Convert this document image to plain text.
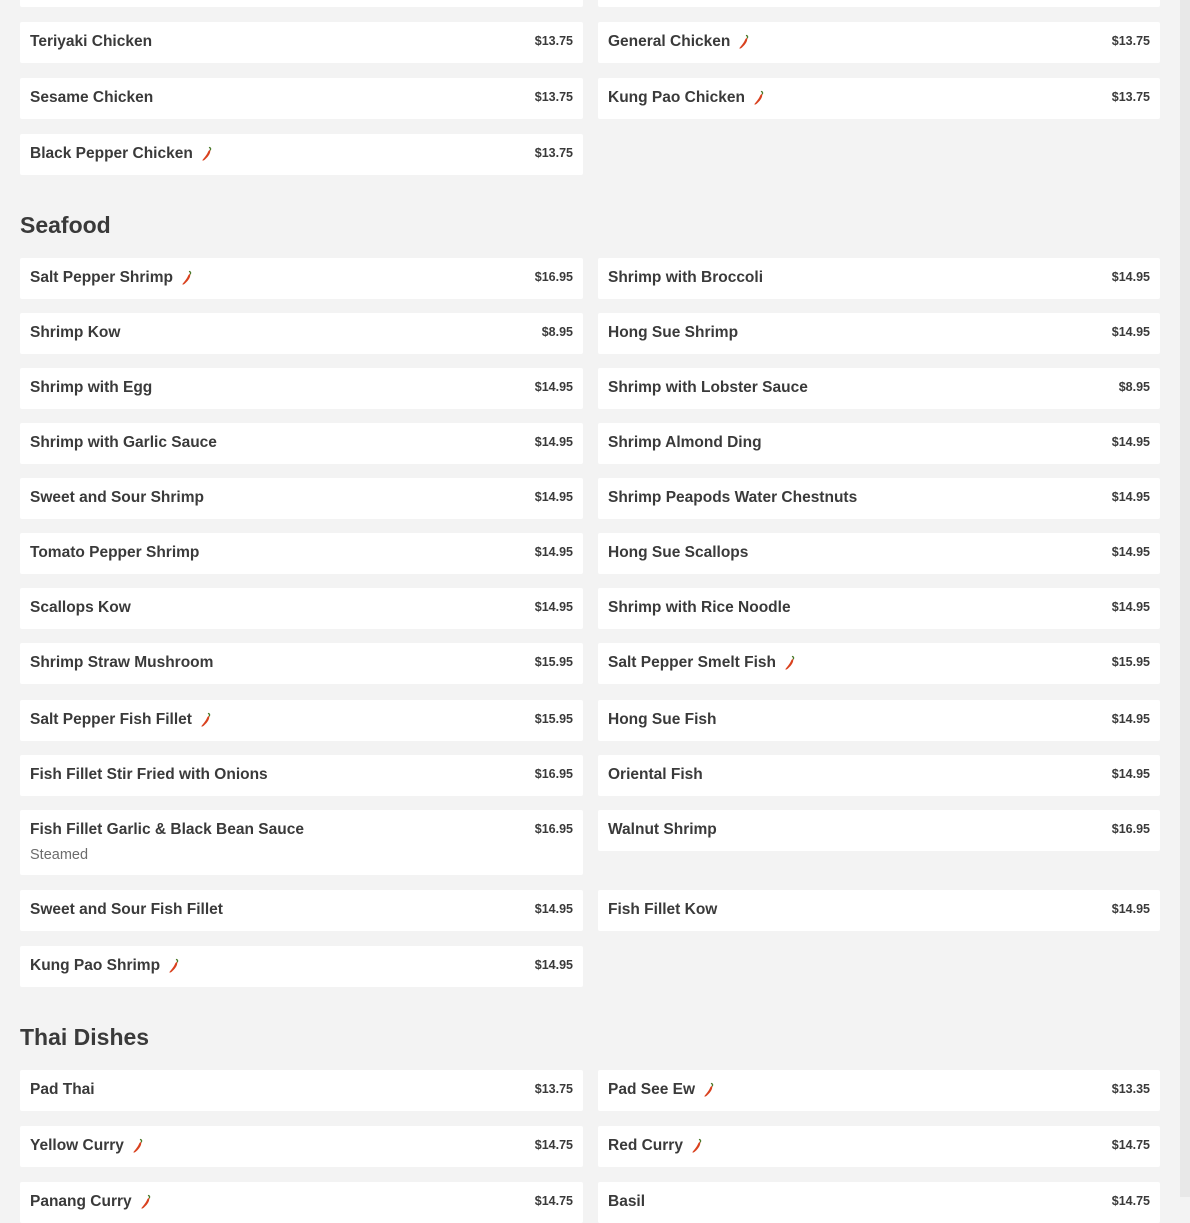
Teriyaki Chicken	$13.75 General Chicken	$13.75
Sesame Chicken	$13.75 Kung Pao Chicken	$13.75
Black Pepper Chicken	$13.75
Seafood
Salt Pepper Shrimp	$16.95 Shrimp with Broccoli	$14.95
Shrimp Kow	$8.95 Hong Sue Shrimp	$14.95
Shrimp with Egg	$14.95 Shrimp with Lobster Sauce	$8.95
Shrimp with Garlic Sauce	$14.95 Shrimp Almond Ding	$14.95
Sweet and Sour Shrimp	$14.95 Shrimp Peapods Water Chestnuts	$14.95
Tomato Pepper Shrimp	$14.95 Hong Sue Scallops	$14.95
Scallops Kow	$14.95 Shrimp with Rice Noodle	$14.95
Shrimp Straw Mushroom	$15.95 Salt Pepper Smelt Fish	$15.95
Salt Pepper Fish Fillet	$15.95 Hong Sue Fish	$14.95
Fish Fillet Stir Fried with Onions	$16.95 Oriental Fish	$14.95
Fish Fillet Garlic & Black Bean Sauce	$16.95
Steamed
Walnut Shrimp	$16.95
Sweet and Sour Fish Fillet	$14.95 Fish Fillet Kow	$14.95
Kung Pao Shrimp	$14.95
Thai Dishes
Pad Thai	$13.75 Pad See Ew	$13.35
Yellow Curry	$14.75 Red Curry	$14.75
Panang Curry	$14.75 Basil	$14.75
